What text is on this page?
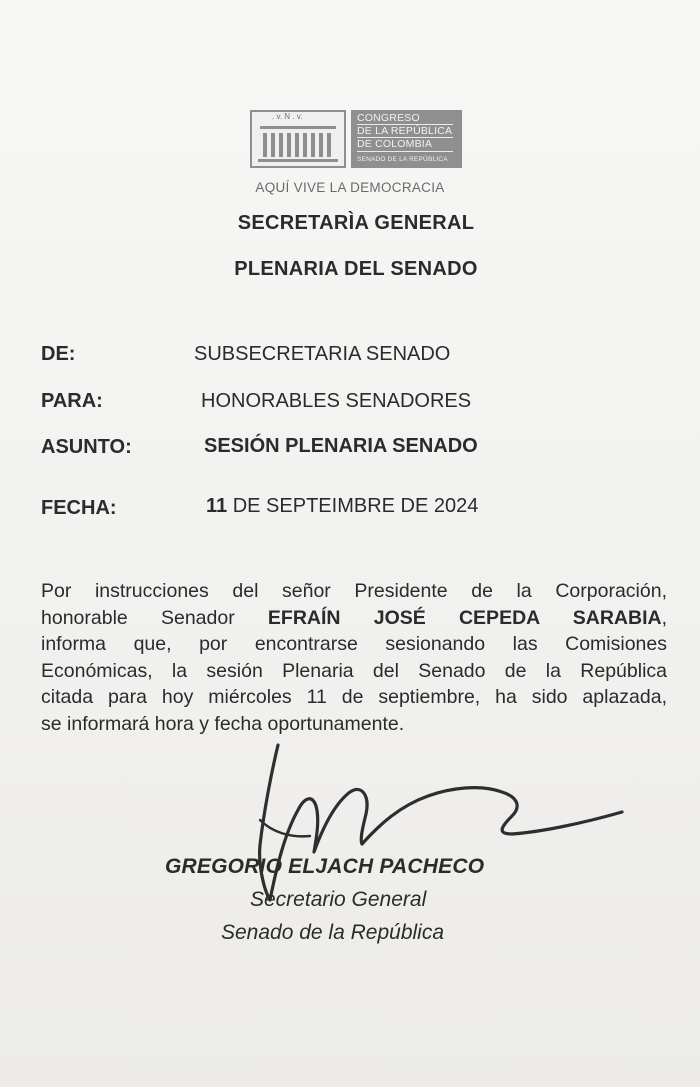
. v. N . v.	CONGRESO
DE LA REPÚBLICA
DE COLOMBIA
SENADO DE LA REPÚBLICA
AQUÍ VIVE LA DEMOCRACIA
SECRETARÌA GENERAL
PLENARIA DEL SENADO
DE:	SUBSECRETARIA SENADO
PARA:	HONORABLES SENADORES
ASUNTO:	SESIÓN PLENARIA SENADO
FECHA:	11 DE SEPTEIMBRE DE 2024
Por instrucciones del señor Presidente de la Corporación,
honorable Senador EFRAÍN JOSÉ CEPEDA SARABIA,
informa que, por encontrarse sesionando las Comisiones
Económicas, la sesión Plenaria del Senado de la República
citada para hoy miércoles 11 de septiembre, ha sido aplazada,
se informará hora y fecha oportunamente.
GREGORIO ELJACH PACHECO
Secretario General
Senado de la República
